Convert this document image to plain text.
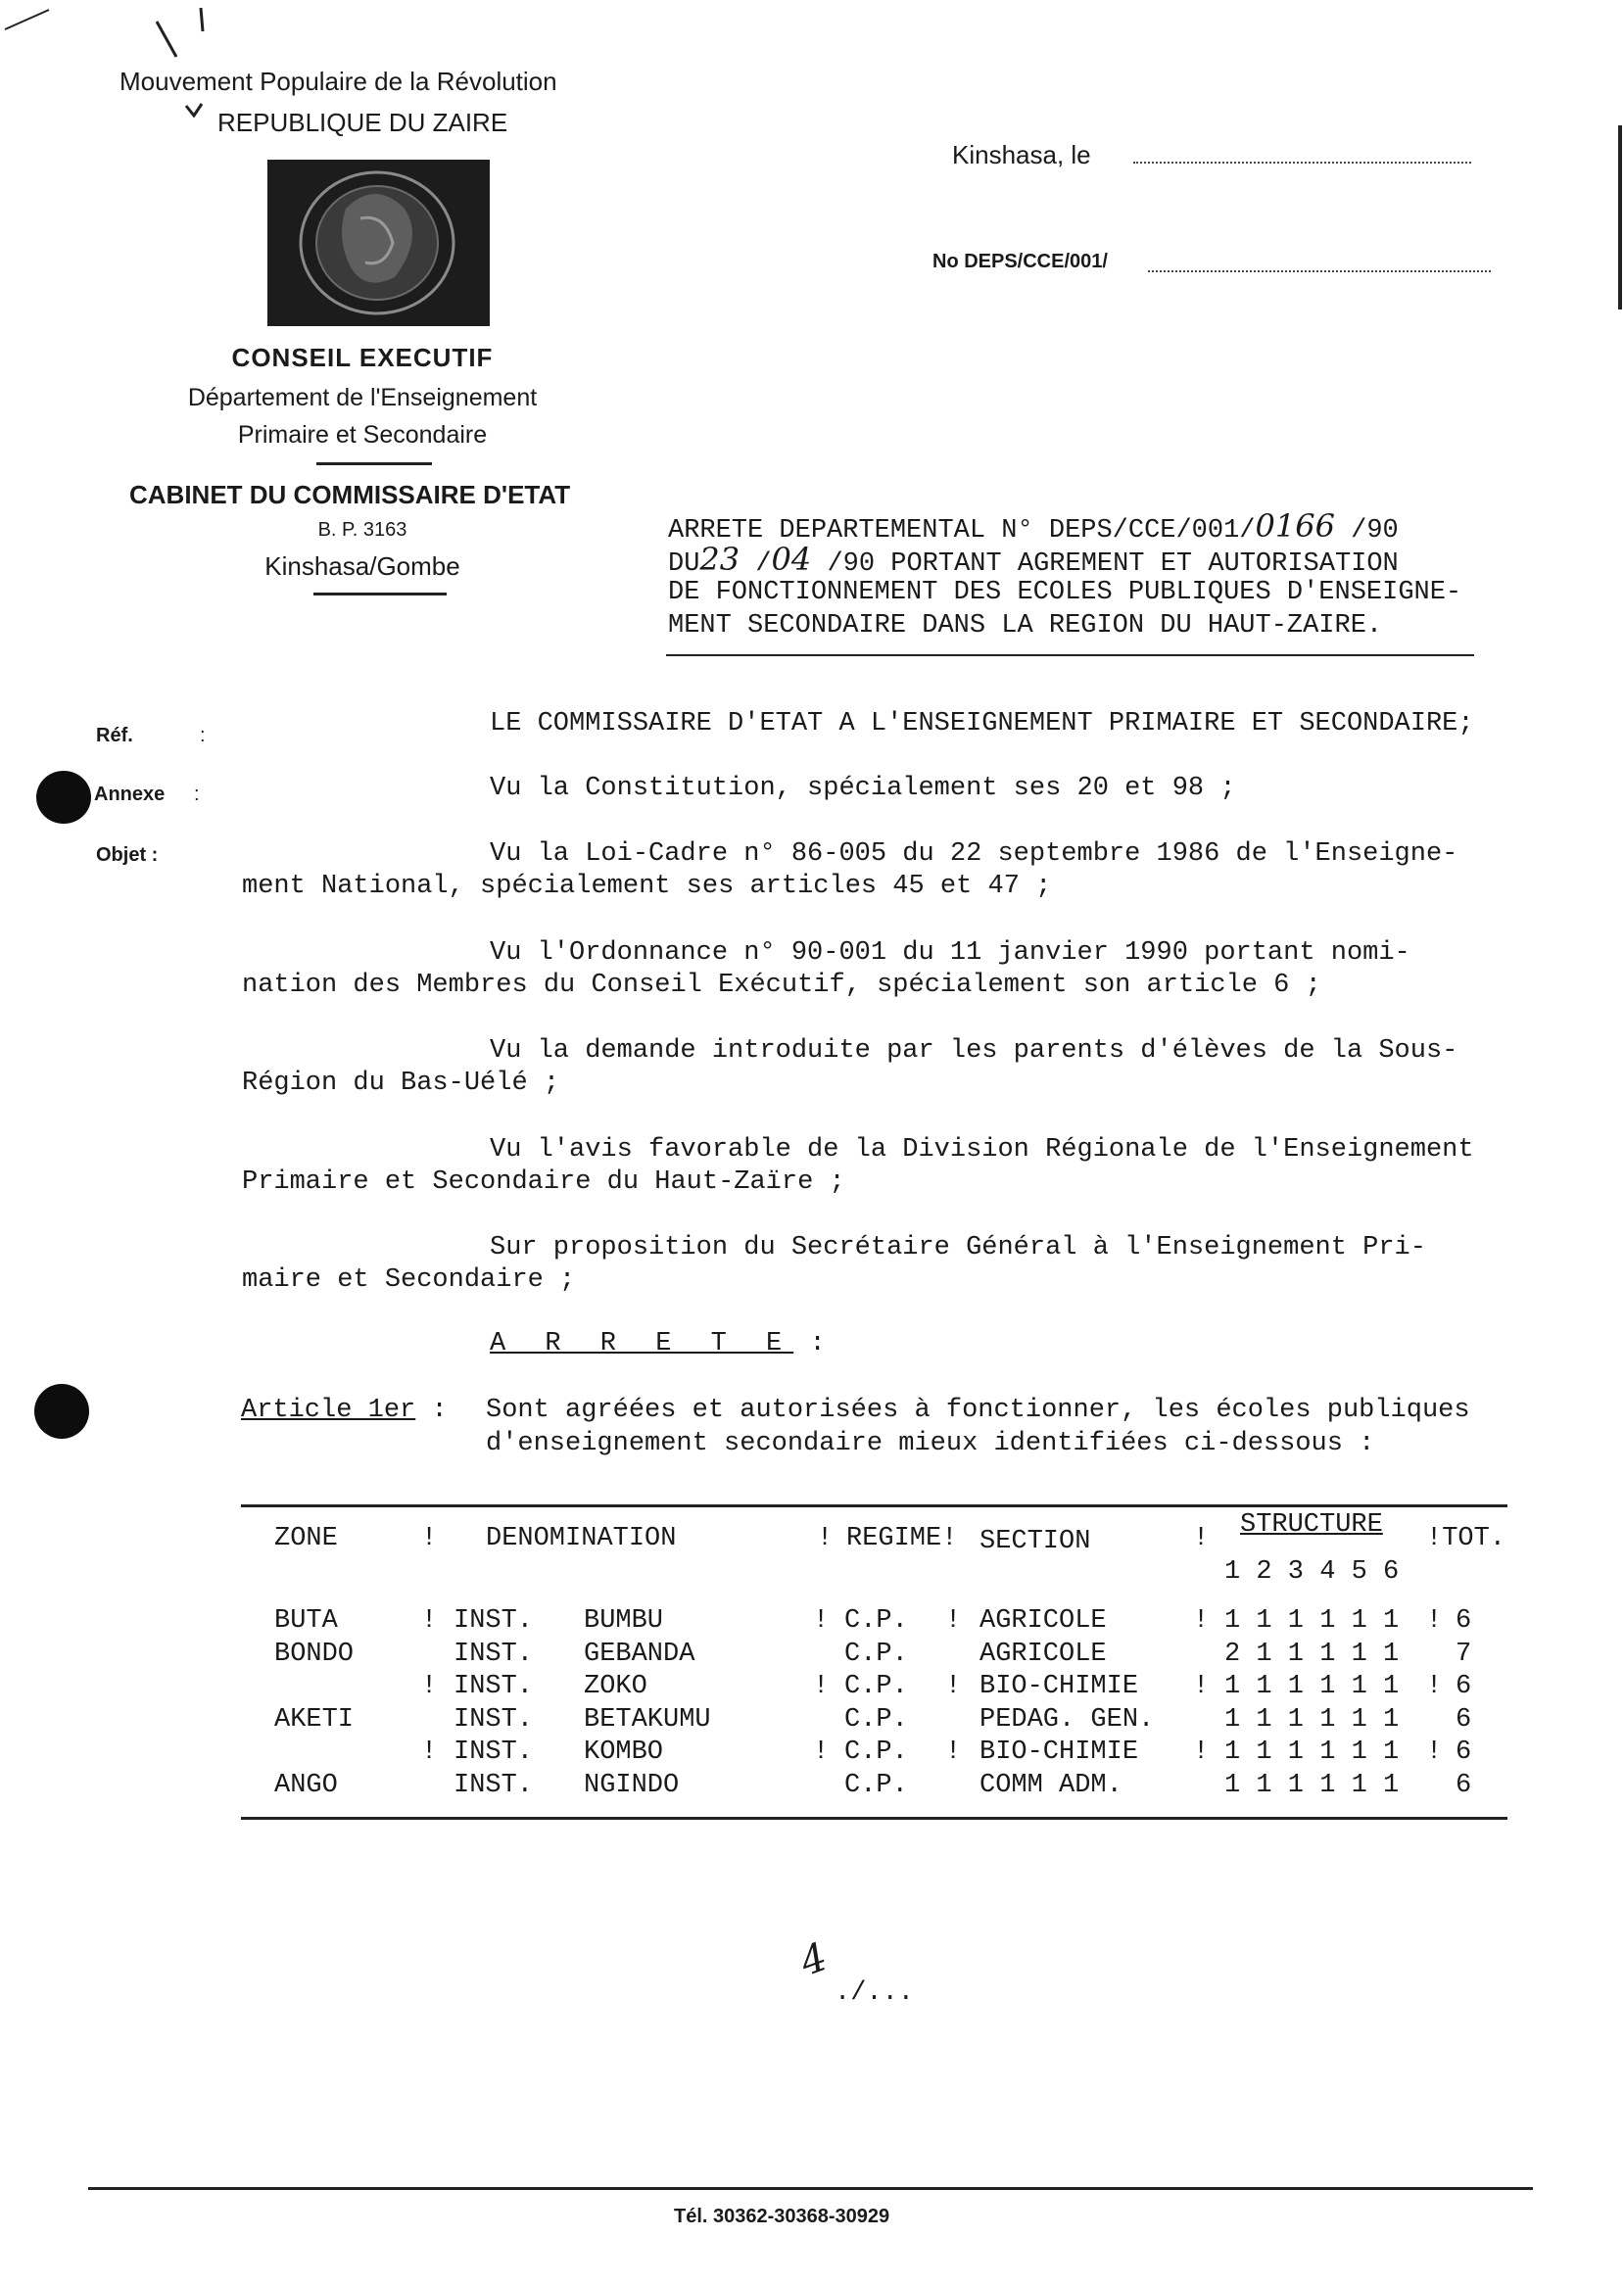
Mouvement Populaire de la Révolution
REPUBLIQUE DU ZAIRE
CONSEIL EXECUTIF
Département de l'Enseignement
Primaire et Secondaire
CABINET DU COMMISSAIRE D'ETAT
B. P. 3163
Kinshasa/Gombe
Kinshasa, le
No DEPS/CCE/001/
ARRETE DEPARTEMENTAL N° DEPS/CCE/001/0166 /90
DU23 /04 /90 PORTANT AGREMENT ET AUTORISATION
DE FONCTIONNEMENT DES ECOLES PUBLIQUES D'ENSEIGNE-
MENT SECONDAIRE DANS LA REGION DU HAUT-ZAIRE.
Réf.	:
Annexe :
Objet :
LE COMMISSAIRE D'ETAT A L'ENSEIGNEMENT PRIMAIRE ET SECONDAIRE;
Vu la Constitution, spécialement ses 20 et 98 ;
Vu la Loi-Cadre n° 86-005 du 22 septembre 1986 de l'Enseigne-
ment National, spécialement ses articles 45 et 47 ;
Vu l'Ordonnance n° 90-001 du 11 janvier 1990 portant nomi-
nation des Membres du Conseil Exécutif, spécialement son article 6 ;
Vu la demande introduite par les parents d'élèves de la Sous-
Région du Bas-Uélé ;
Vu l'avis favorable de la Division Régionale de l'Enseignement
Primaire et Secondaire du Haut-Zaïre ;
Sur proposition du Secrétaire Général à l'Enseignement Pri-
maire et Secondaire ;
A R R E T E :
Article 1er : Sont agréées et autorisées à fonctionner, les écoles publiques
d'enseignement secondaire mieux identifiées ci-dessous :
ZONE	! DENOMINATION	! REGIME! SECTION	! STRUCTURE !TOT.
1 2 3 4 5 6
BUTA	! INST. BUMBU	! C.P. ! AGRICOLE	! 1 1 1 1 1 1 ! 6
BONDO	INST. GEBANDA	C.P.	AGRICOLE	2 1 1 1 1 1 7
! INST. ZOKO	! C.P. ! BIO-CHIMIE ! 1 1 1 1 1 1 ! 6
AKETI	INST. BETAKUMU	C.P.	PEDAG. GEN.	1 1 1 1 1 1 6
! INST. KOMBO	! C.P. ! BIO-CHIMIE ! 1 1 1 1 1 1 ! 6
ANGO	INST. NGINDO	C.P.	COMM ADM.	1 1 1 1 1 1 6
4
./...
Tél. 30362-30368-30929
